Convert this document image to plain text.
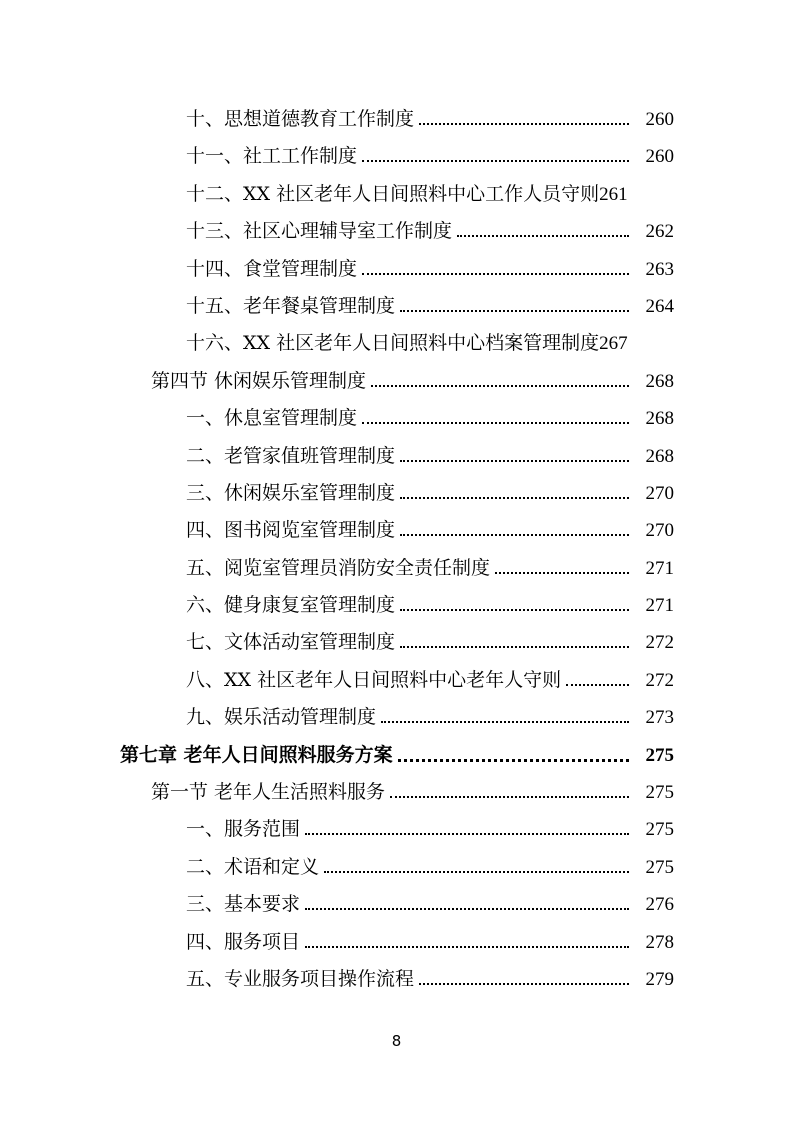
十、思想道德教育工作制度	260
十一、社工工作制度	260
十二、XX 社区老年人日间照料中心工作人员守则 261
十三、社区心理辅导室工作制度	262
十四、食堂管理制度	263
十五、老年餐桌管理制度	264
十六、XX 社区老年人日间照料中心档案管理制度 267
第四节 休闲娱乐管理制度	268
一、休息室管理制度	268
二、老管家值班管理制度	268
三、休闲娱乐室管理制度	270
四、图书阅览室管理制度	270
五、阅览室管理员消防安全责任制度	271
六、健身康复室管理制度	271
七、文体活动室管理制度	272
八、XX 社区老年人日间照料中心老年人守则	272
九、娱乐活动管理制度	273
第七章 老年人日间照料服务方案	275
第一节 老年人生活照料服务	275
一、服务范围	275
二、术语和定义	275
三、基本要求	276
四、服务项目	278
五、专业服务项目操作流程	279
8
